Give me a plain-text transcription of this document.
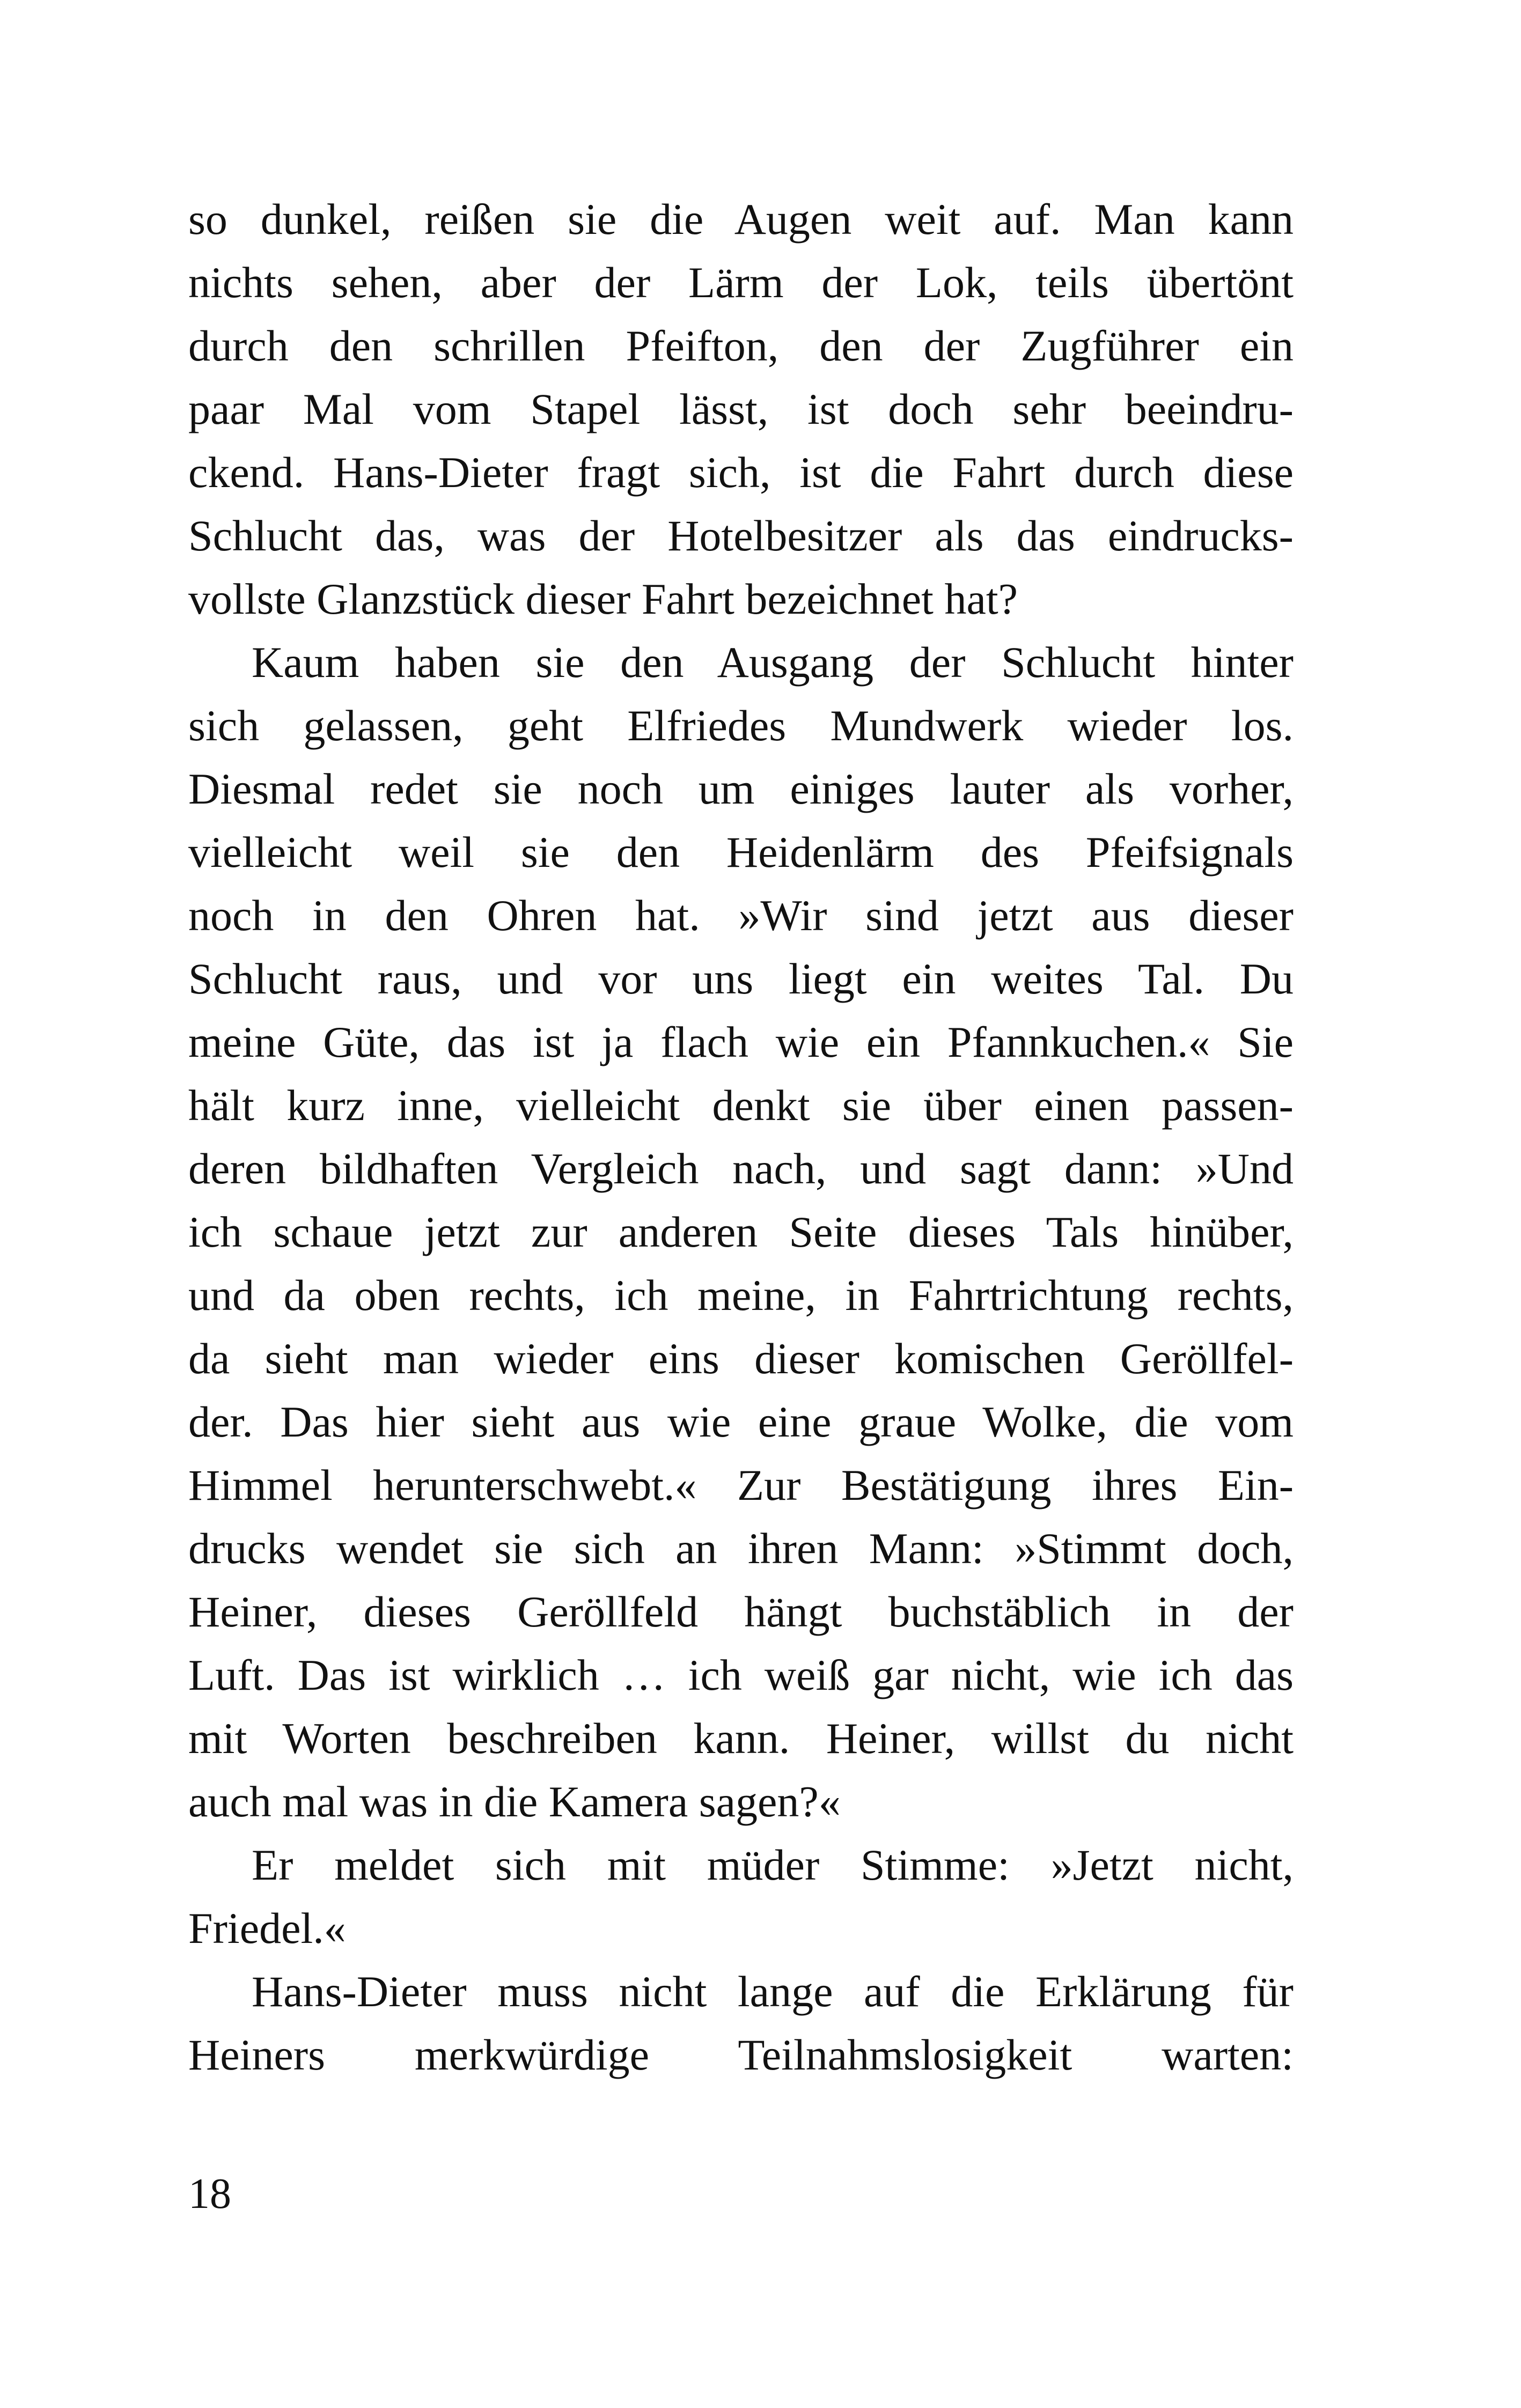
so dunkel, reißen sie die Augen weit auf. Man kann
nichts sehen, aber der Lärm der Lok, teils übertönt
durch den schrillen Pfeifton, den der Zugführer ein
paar Mal vom Stapel lässt, ist doch sehr beeindru-
ckend. Hans-Dieter fragt sich, ist die Fahrt durch diese
Schlucht das, was der Hotelbesitzer als das eindrucks-
vollste Glanzstück dieser Fahrt bezeichnet hat?
Kaum haben sie den Ausgang der Schlucht hinter
sich gelassen, geht Elfriedes Mundwerk wieder los.
Diesmal redet sie noch um einiges lauter als vorher,
vielleicht weil sie den Heidenlärm des Pfeifsignals
noch in den Ohren hat. »Wir sind jetzt aus dieser
Schlucht raus, und vor uns liegt ein weites Tal. Du
meine Güte, das ist ja flach wie ein Pfannkuchen.« Sie
hält kurz inne, vielleicht denkt sie über einen passen-
deren bildhaften Vergleich nach, und sagt dann: »Und
ich schaue jetzt zur anderen Seite dieses Tals hinüber,
und da oben rechts, ich meine, in Fahrtrichtung rechts,
da sieht man wieder eins dieser komischen Geröllfel-
der. Das hier sieht aus wie eine graue Wolke, die vom
Himmel herunterschwebt.« Zur Bestätigung ihres Ein-
drucks wendet sie sich an ihren Mann: »Stimmt doch,
Heiner, dieses Geröllfeld hängt buchstäblich in der
Luft. Das ist wirklich … ich weiß gar nicht, wie ich das
mit Worten beschreiben kann. Heiner, willst du nicht
auch mal was in die Kamera sagen?«
Er meldet sich mit müder Stimme: »Jetzt nicht,
Friedel.«
Hans-Dieter muss nicht lange auf die Erklärung für
Heiners merkwürdige Teilnahmslosigkeit warten:
18
